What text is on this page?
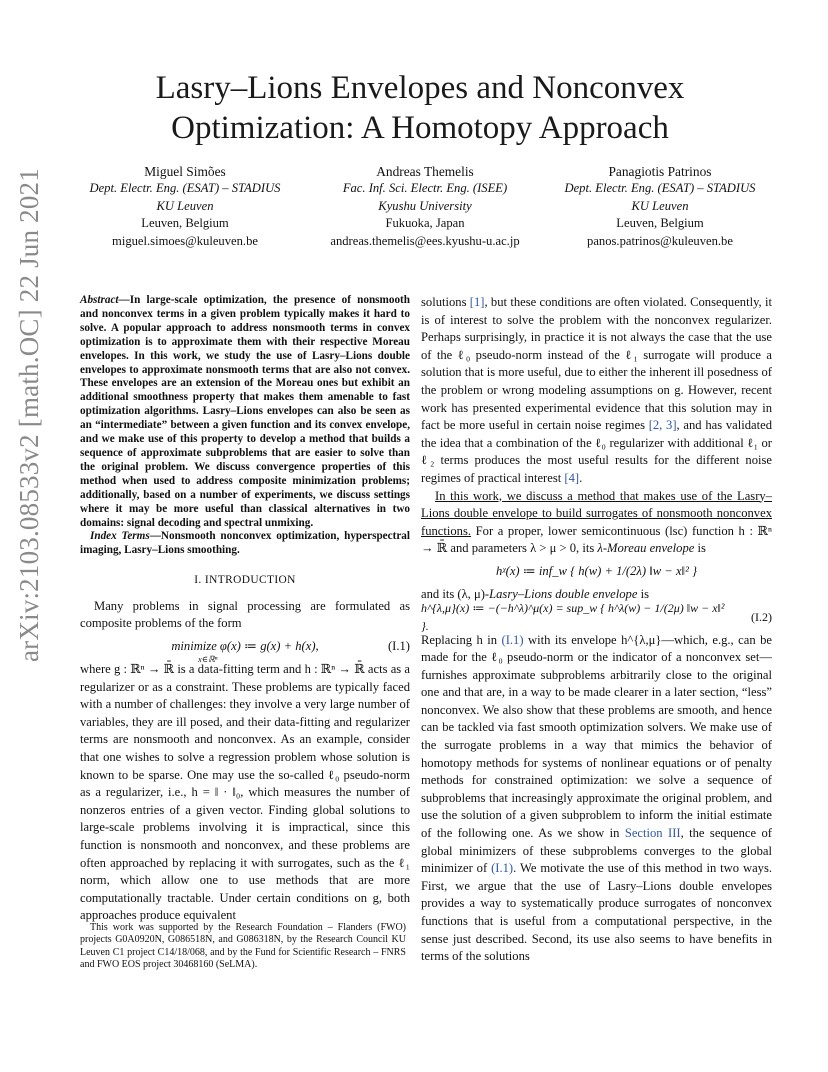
arXiv:2103.08533v2 [math.OC] 22 Jun 2021
Lasry–Lions Envelopes and Nonconvex
Optimization: A Homotopy Approach
Miguel Simões
Dept. Electr. Eng. (ESAT) – STADIUS
KU Leuven
Leuven, Belgium
miguel.simoes@kuleuven.be
Andreas Themelis
Fac. Inf. Sci. Electr. Eng. (ISEE)
Kyushu University
Fukuoka, Japan
andreas.themelis@ees.kyushu-u.ac.jp
Panagiotis Patrinos
Dept. Electr. Eng. (ESAT) – STADIUS
KU Leuven
Leuven, Belgium
panos.patrinos@kuleuven.be

Abstract—In large-scale optimization, the presence of nonsmooth and nonconvex terms in a given problem typically makes it hard to solve. A popular approach to address nonsmooth terms in convex optimization is to approximate them with their respective Moreau envelopes. In this work, we study the use of Lasry–Lions double envelopes to approximate nonsmooth terms that are also not convex. These envelopes are an extension of the Moreau ones but exhibit an additional smoothness property that makes them amenable to fast optimization algorithms. Lasry–Lions envelopes can also be seen as an “intermediate” between a given function and its convex envelope, and we make use of this property to develop a method that builds a sequence of approximate subproblems that are easier to solve than the original problem. We discuss convergence properties of this method when used to address composite minimization problems; additionally, based on a number of experiments, we discuss settings where it may be more useful than classical alternatives in two domains: signal decoding and spectral unmixing.

Index Terms—Nonsmooth nonconvex optimization, hyperspectral imaging, Lasry–Lions smoothing.

I. INTRODUCTION

Many problems in signal processing are formulated as composite problems of the form

minimize φ(x) ≔ g(x) + h(x),
x∈ℝⁿ
(I.1)

where g : ℝⁿ → ℝ̄ is a data-fitting term and h : ℝⁿ → ℝ̄ acts as a regularizer or as a constraint. These problems are typically faced with a number of challenges: they involve a very large number of variables, they are ill posed, and their data-fitting and regularizer terms are nonsmooth and nonconvex. As an example, consider that one wishes to solve a regression problem whose solution is known to be sparse. One may use the so-called ℓ₀ pseudo-norm as a regularizer, i.e., h = ‖ · ‖₀, which measures the number of nonzeros entries of a given vector. Finding global solutions to large-scale problems involving it is impractical, since this function is nonsmooth and nonconvex, and these problems are often approached by replacing it with surrogates, such as the ℓ₁ norm, which allow one to use methods that are more computationally tractable. Under certain conditions on g, both approaches produce equivalent

This work was supported by the Research Foundation – Flanders (FWO) projects G0A0920N, G086518N, and G086318N, by the Research Council KU Leuven C1 project C14/18/068, and by the Fund for Scientific Research – FNRS and FWO EOS project 30468160 (SeLMA).

solutions [1], but these conditions are often violated. Consequently, it is of interest to solve the problem with the nonconvex regularizer. Perhaps surprisingly, in practice it is not always the case that the use of the ℓ₀ pseudo-norm instead of the ℓ₁ surrogate will produce a solution that is more useful, due to either the inherent ill posedness of the problem or wrong modeling assumptions on g. However, recent work has presented experimental evidence that this solution may in fact be more useful in certain noise regimes [2, 3], and has validated the idea that a combination of the ℓ₀ regularizer with additional ℓ₁ or ℓ₂ terms produces the most useful results for the different noise regimes of practical interest [4].

In this work, we discuss a method that makes use of the Lasry–Lions double envelope to build surrogates of nonsmooth nonconvex functions. For a proper, lower semicontinuous (lsc) function h : ℝⁿ → ℝ̄ and parameters λ > μ > 0, its λ-Moreau envelope is

hᵡ(x) ≔ inf_w { h(w) + 1/(2λ) ‖w − x‖² }

and its (λ, μ)-Lasry–Lions double envelope is

h^{λ,μ}(x) ≔ −(−h^λ)^μ(x) = sup_w { h^λ(w) − 1/(2μ) ‖w − x‖² }.
(I.2)

Replacing h in (I.1) with its envelope h^{λ,μ}—which, e.g., can be made for the ℓ₀ pseudo-norm or the indicator of a nonconvex set—furnishes approximate subproblems arbitrarily close to the original one and that are, in a way to be made clearer in a later section, “less” nonconvex. We also show that these problems are smooth, and hence can be tackled via fast smooth optimization solvers. We make use of the surrogate problems in a way that mimics the behavior of homotopy methods for systems of nonlinear equations or of penalty methods for constrained optimization: we solve a sequence of subproblems that increasingly approximate the original problem, and use the solution of a given subproblem to inform the initial estimate of the following one. As we show in Section III, the sequence of global minimizers of these subproblems converges to the global minimizer of (I.1). We motivate the use of this method in two ways. First, we argue that the use of Lasry–Lions double envelopes provides a way to systematically produce surrogates of nonconvex functions that is useful from a computational perspective, in the sense just described. Second, its use also seems to have benefits in terms of the solutions
